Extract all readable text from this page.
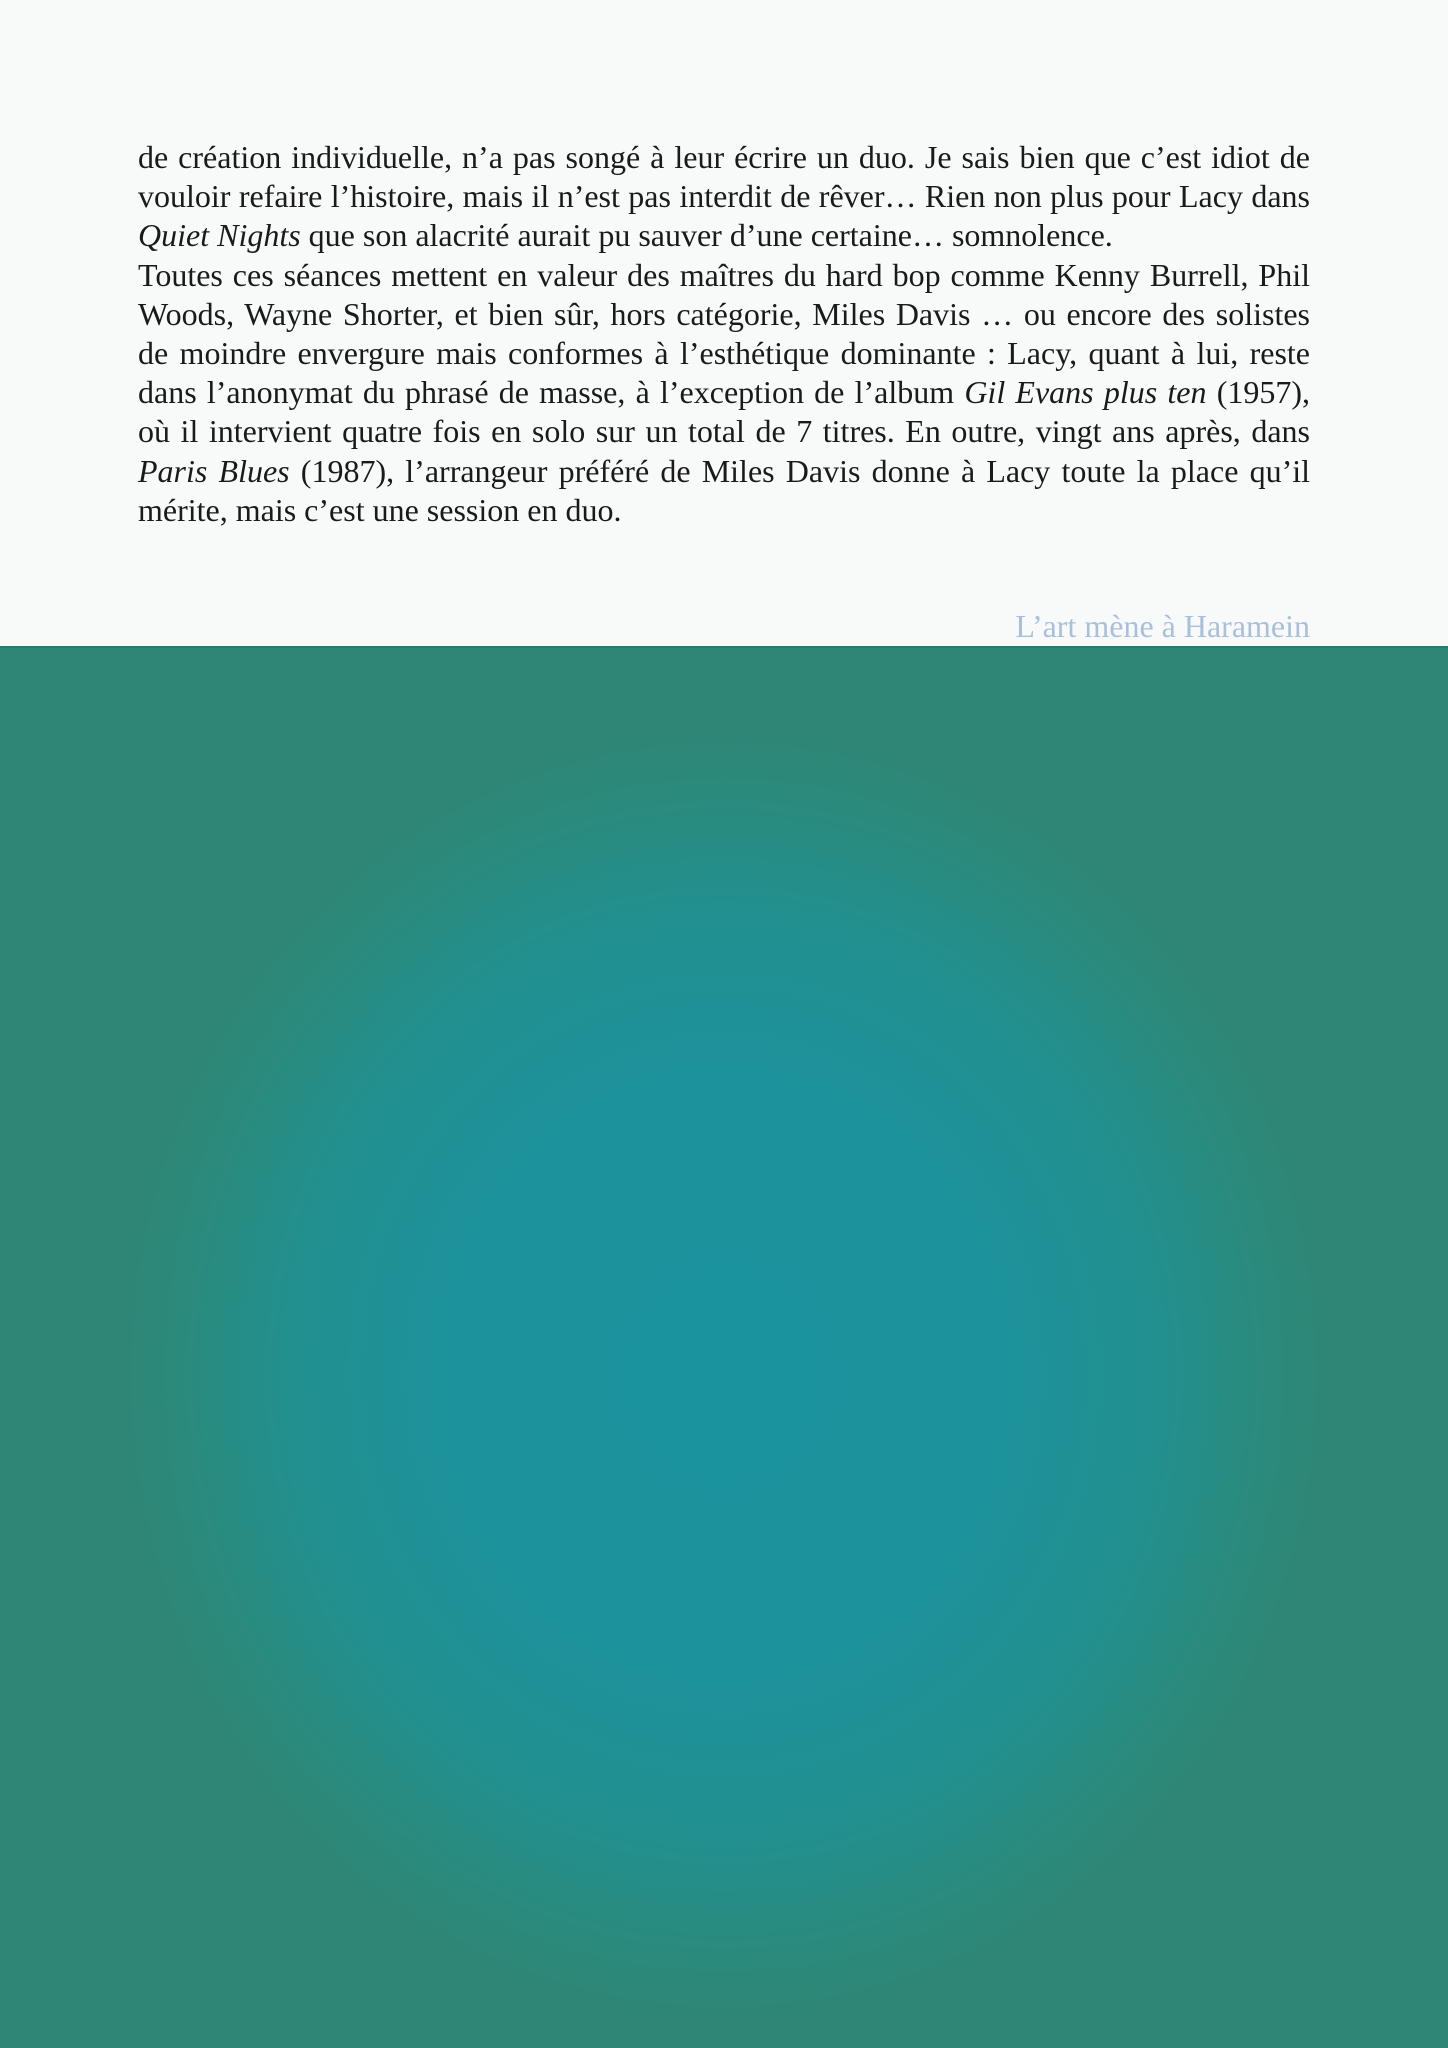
de création individuelle, n’a pas songé à leur écrire un duo. Je sais bien que c’est idiot de vouloir refaire l’histoire, mais il n’est pas interdit de rêver… Rien non plus pour Lacy dans Quiet Nights que son alacrité aurait pu sauver d’une certaine… somnolence.

Toutes ces séances mettent en valeur des maîtres du hard bop comme Kenny Burrell, Phil Woods, Wayne Shorter, et bien sûr, hors catégorie, Miles Davis … ou encore des solistes de moindre envergure mais conformes à l’esthétique dominante : Lacy, quant à lui, reste dans l’anonymat du phrasé de masse, à l’exception de l’album Gil Evans plus ten (1957), où il intervient quatre fois en solo sur un total de 7 titres. En outre, vingt ans après, dans Paris Blues (1987), l’arrangeur préféré de Miles Davis donne à Lacy toute la place qu’il mérite, mais c’est une session en duo.

L’art mène à Haramein
